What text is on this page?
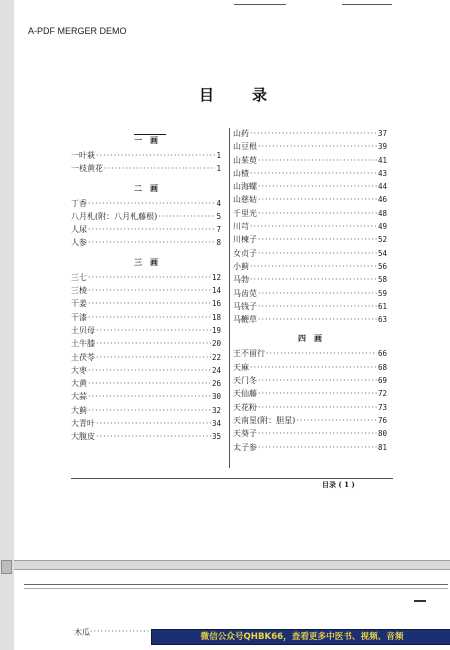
A-PDF MERGER DEMO
目录
一画
一叶萩 ·····	1
一枝黄花 ·····	1
二画
丁香 ·····	4
八月札(附：八月札藤根) ·····	5
人尿 ·····	7
人参 ·····	8
三画
三七 ·····	12
三棱 ·····	14
干姜 ·····	16
干漆 ·····	18
土贝母 ·····	19
土牛膝 ·····	20
土茯苓 ·····	22
大枣 ·····	24
大黄 ·····	26
大蒜 ·····	30
大蓟 ·····	32
大青叶 ·····	34
大腹皮 ·····	35
山药 ·····	37
山豆根 ·····	39
山茱萸 ·····	41
山楂 ·····	43
山海螺 ·····	44
山慈姑 ·····	46
千里光 ·····	48
川芎 ·····	49
川楝子 ·····	52
女贞子 ·····	54
小蓟 ·····	56
马勃 ·····	58
马齿苋 ·····	59
马钱子 ·····	61
马鞭草 ·····	63
四画
王不留行 ·····	66
天麻 ·····	68
天门冬 ·····	69
天仙藤 ·····	72
天花粉 ·····	73
天南星(附：胆星) ·····	76
天葵子 ·····	80
太子参 ·····	81
目录 ( 1 )
木瓜 ·····	微信公众号QHBK66，查看更多中医书、视频、音频
